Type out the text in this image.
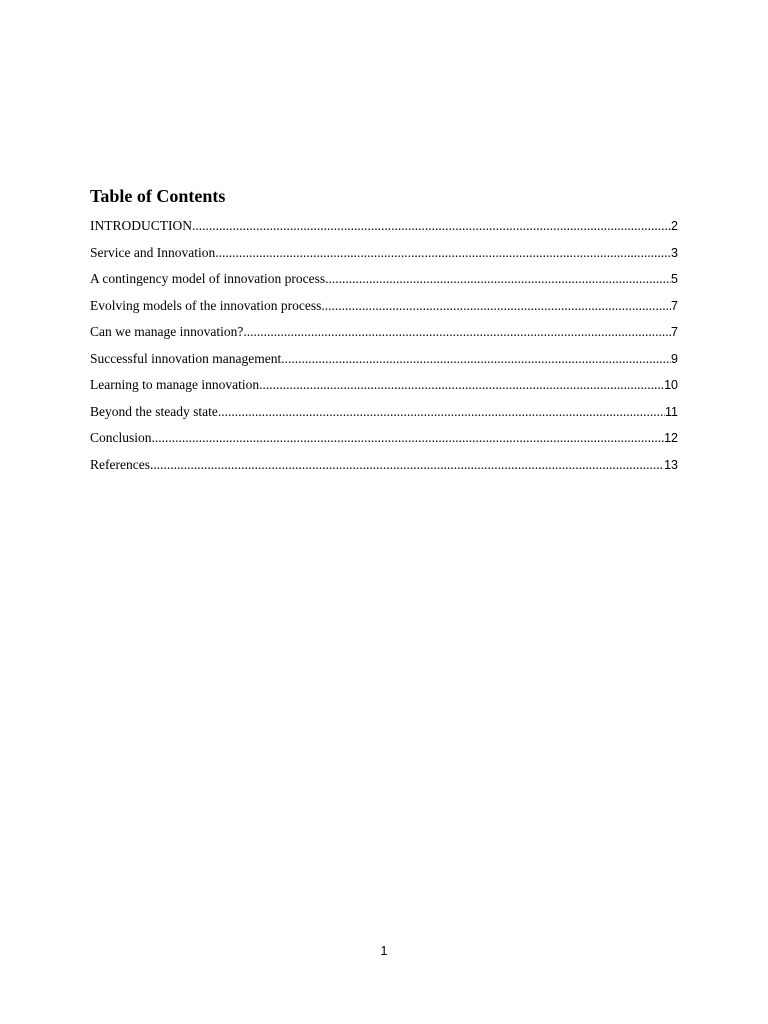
Table of Contents
INTRODUCTION .....	2
Service and Innovation .....	3
A contingency model of innovation process .....	5
Evolving models of the innovation process .....	7
Can we manage innovation? .....	7
Successful innovation management .....	9
Learning to manage innovation .....	10
Beyond the steady state .....	11
Conclusion .....	12
References .....	13
1
